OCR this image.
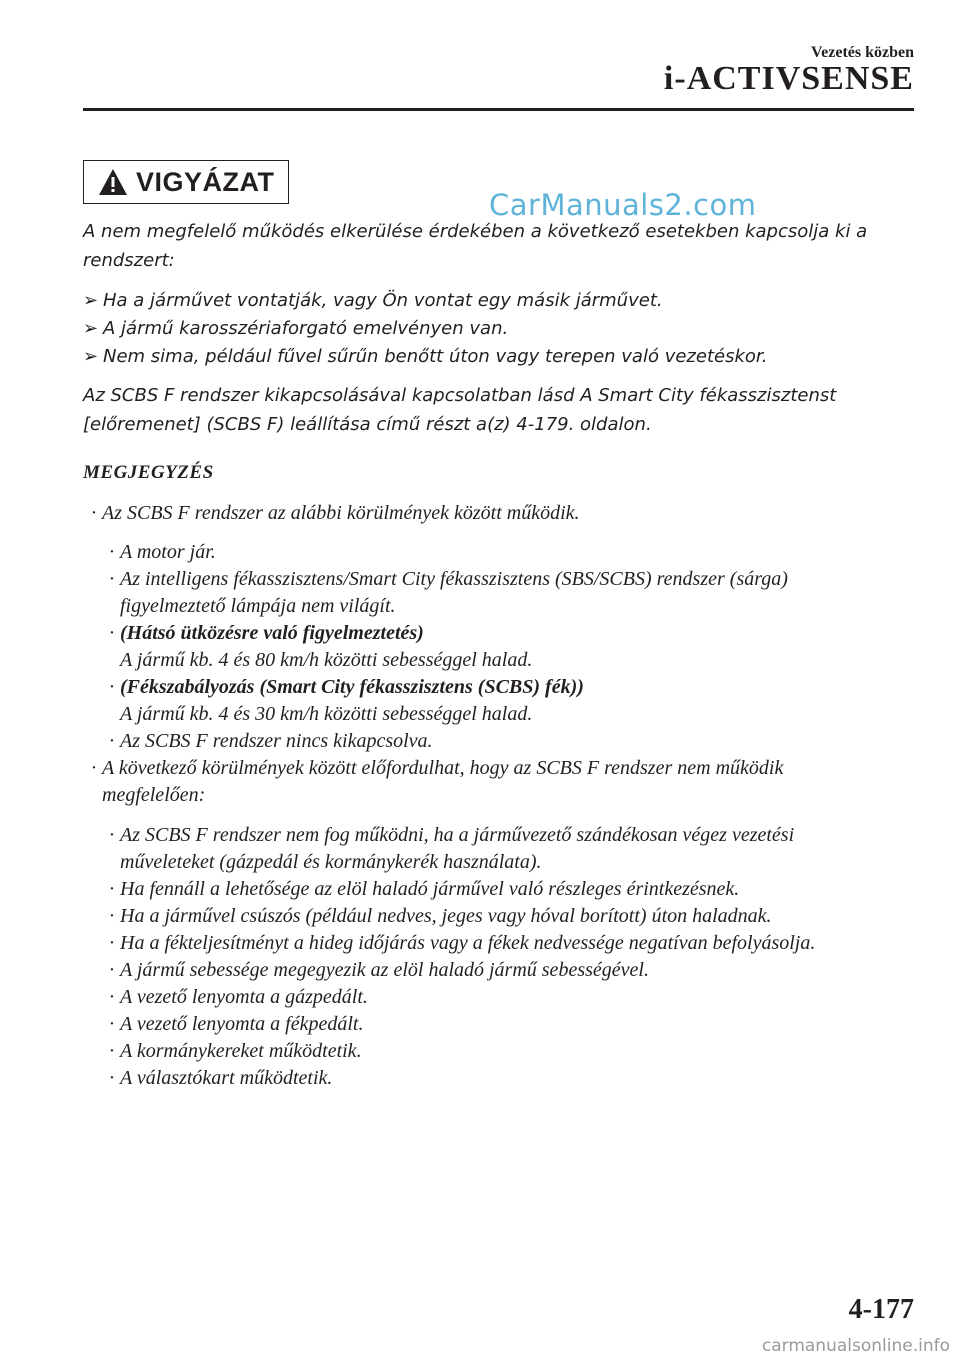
Vezetés közben
i-ACTIVSENSE
VIGYÁZAT
CarManuals2.com
A nem megfelelő működés elkerülése érdekében a következő esetekben kapcsolja ki a
rendszert:
➢ Ha a járművet vontatják, vagy Ön vontat egy másik járművet.
➢ A jármű karosszériaforgató emelvényen van.
➢ Nem sima, például fűvel sűrűn benőtt úton vagy terepen való vezetéskor.
Az SCBS F rendszer kikapcsolásával kapcsolatban lásd A Smart City fékasszisztenst
[előremenet] (SCBS F) leállítása című részt a(z) 4-179. oldalon.
MEGJEGYZÉS
· Az SCBS F rendszer az alábbi körülmények között működik.
· A motor jár.
· Az intelligens fékasszisztens/Smart City fékasszisztens (SBS/SCBS) rendszer (sárga)
figyelmeztető lámpája nem világít.
· (Hátsó ütközésre való figyelmeztetés)
A jármű kb. 4 és 80 km/h közötti sebességgel halad.
· (Fékszabályozás (Smart City fékasszisztens (SCBS) fék))
A jármű kb. 4 és 30 km/h közötti sebességgel halad.
· Az SCBS F rendszer nincs kikapcsolva.
· A következő körülmények között előfordulhat, hogy az SCBS F rendszer nem működik
megfelelően:
· Az SCBS F rendszer nem fog működni, ha a járművezető szándékosan végez vezetési
műveleteket (gázpedál és kormánykerék használata).
· Ha fennáll a lehetősége az elöl haladó járművel való részleges érintkezésnek.
· Ha a járművel csúszós (például nedves, jeges vagy hóval borított) úton haladnak.
· Ha a fékteljesítményt a hideg időjárás vagy a fékek nedvessége negatívan befolyásolja.
· A jármű sebessége megegyezik az elöl haladó jármű sebességével.
· A vezető lenyomta a gázpedált.
· A vezető lenyomta a fékpedált.
· A kormánykereket működtetik.
· A választókart működtetik.
4-177
carmanualsonline.info
